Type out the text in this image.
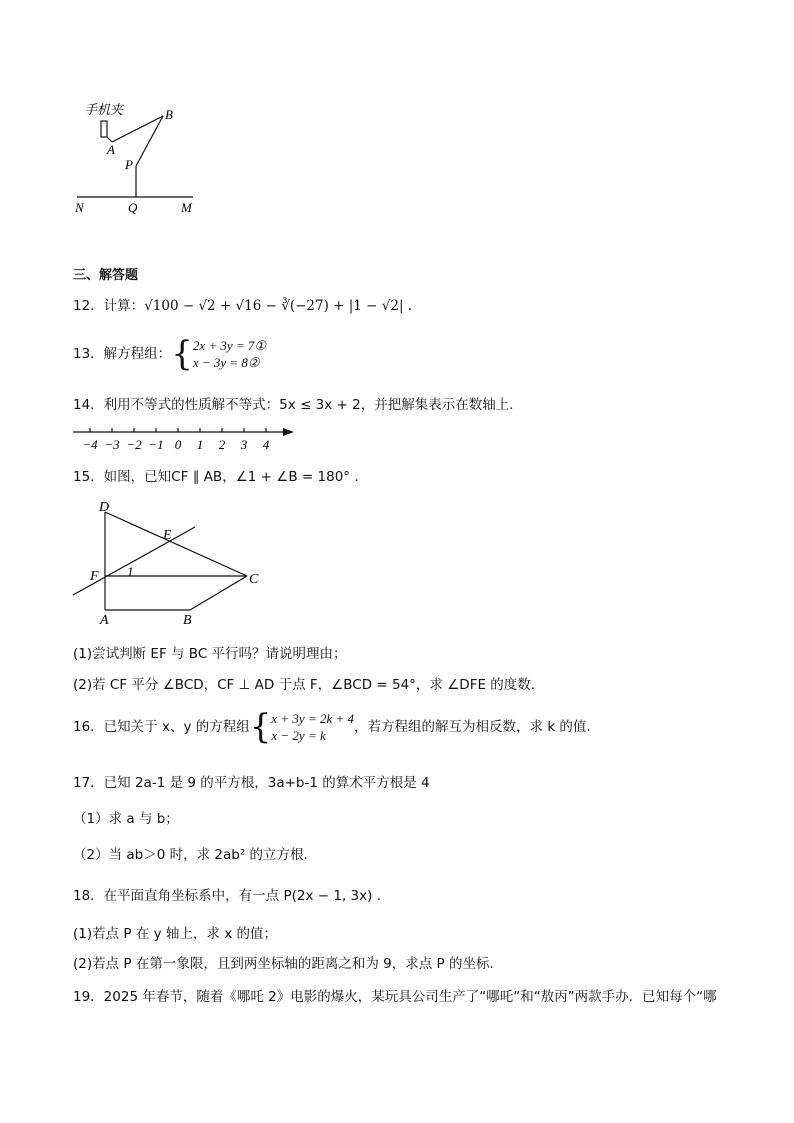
手机夹	B
A
P
N	Q	M
三、解答题
12．计算：√100 − √2 + √16 − ∛(−27) + |1 − √2| .
13．解方程组：{ 2x + 3y = 7①
x − 3y = 8②
14．利用不等式的性质解不等式：5x ≤ 3x + 2，并把解集表示在数轴上．
−4 −3 −2 −1 0 1 2 3 4
15．如图，已知CF ∥ AB，∠1 + ∠B = 180° .
D
E
F 1
C
A	B
(1)尝试判断 EF 与 BC 平行吗？请说明理由；
(2)若 CF 平分 ∠BCD，CF ⊥ AD 于点 F，∠BCD = 54°，求 ∠DFE 的度数.
16．已知关于 x、y 的方程组{ x + 3y = 2k + 4
x − 2y = k
，若方程组的解互为相反数，求 k 的值.
17．已知 2a-1 是 9 的平方根，3a+b-1 的算术平方根是 4
（1）求 a 与 b；
（2）当 ab＞0 时，求 2ab² 的立方根.
18．在平面直角坐标系中，有一点 P(2x − 1, 3x) .
(1)若点 P 在 y 轴上，求 x 的值；
(2)若点 P 在第一象限，且到两坐标轴的距离之和为 9，求点 P 的坐标．
19．2025 年春节，随着《哪吒 2》电影的爆火，某玩具公司生产了“哪吒”和“敖丙”两款手办．已知每个“哪
